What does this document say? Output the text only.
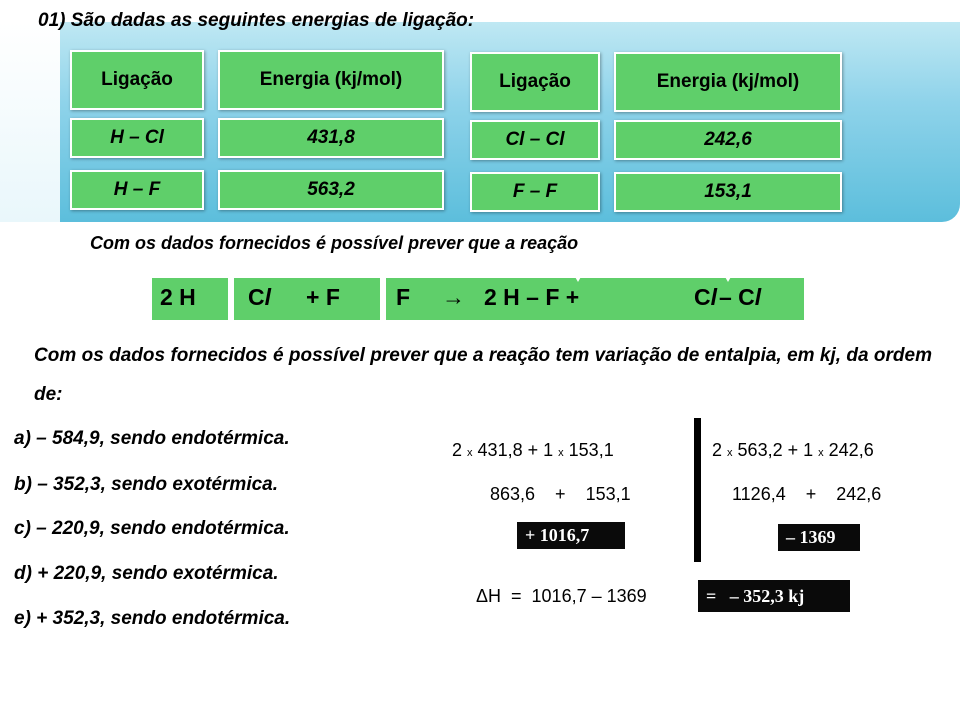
01) São dadas as seguintes energias de ligação:
Ligação	Energia (kj/mol)
H – Cl	431,8
H – F	563,2
Ligação	Energia (kj/mol)
Cl – Cl	242,6
F – F	153,1
Com os dados fornecidos é possível prever que a reação
2 H Cl + F F → 2 H – F +	Cl – Cl
Com os dados fornecidos é possível prever que a reação tem variação de entalpia, em kj, da ordem de:
a) – 584,9, sendo endotérmica.
b) – 352,3, sendo exotérmica.
c) – 220,9, sendo endotérmica.
d) + 220,9, sendo exotérmica.
e) + 352,3, sendo endotérmica.
2 x 431,8 + 1 x 153,1
863,6    +    153,1
+ 1016,7
2 x 563,2 + 1 x 242,6
1126,4    +    242,6
– 1369
ΔH  =  1016,7 – 1369	=   – 352,3 kj
